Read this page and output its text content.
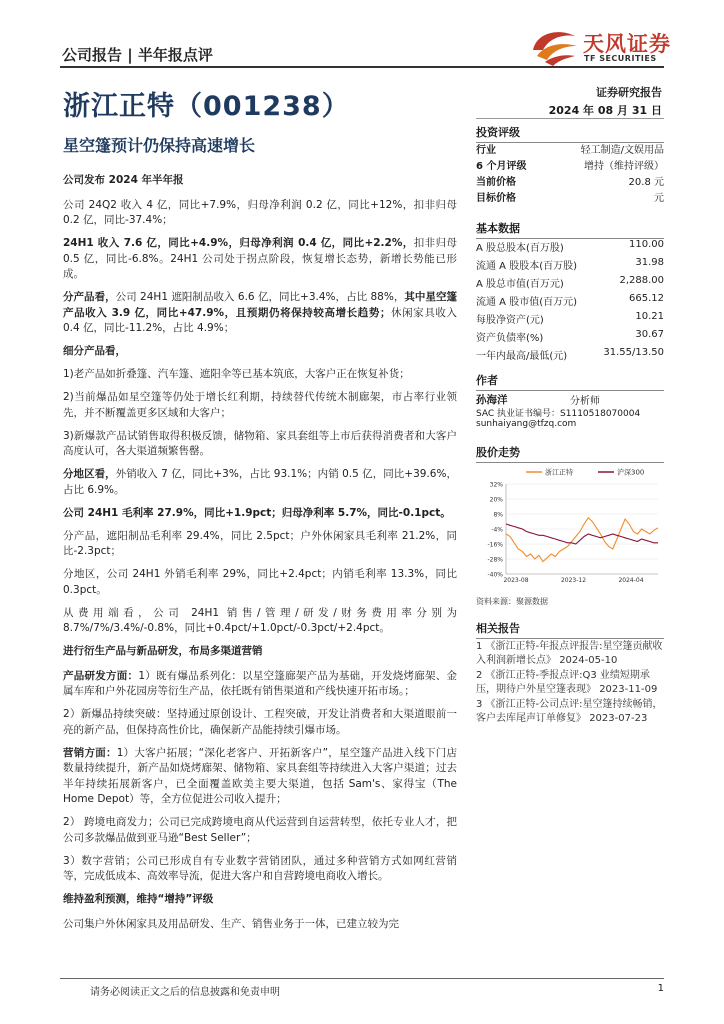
公司报告 | 半年报点评	天风证券
TF SECURITIES
浙江正特（001238）	证券研究报告
2024 年 08 月 31 日
星空篷预计仍保持高速增长
公司发布 2024 年半年报

公司 24Q2 收入 4 亿，同比+7.9%，归母净利润 0.2 亿，同比+12%，扣非归母 0.2 亿，同比-37.4%；

24H1 收入 7.6 亿，同比+4.9%，归母净利润 0.4 亿，同比+2.2%，扣非归母 0.5 亿，同比-6.8%。24H1 公司处于拐点阶段，恢复增长态势，新增长势能已形成。

分产品看，公司 24H1 遮阳制品收入 6.6 亿，同比+3.4%，占比 88%，其中星空篷产品收入 3.9 亿，同比+47.9%，且预期仍将保持较高增长趋势；休闲家具收入 0.4 亿，同比-11.2%，占比 4.9%；

细分产品看，

1)老产品如折叠篷、汽车篷、遮阳伞等已基本筑底，大客户正在恢复补货；

2)当前爆品如星空篷等仍处于增长红利期，持续替代传统木制廊架，市占率行业领先，并不断覆盖更多区域和大客户；

3)新爆款产品试销售取得积极反馈，储物箱、家具套组等上市后获得消费者和大客户高度认可，各大渠道频繁售罄。

分地区看，外销收入 7 亿，同比+3%，占比 93.1%；内销 0.5 亿，同比+39.6%，占比 6.9%。

公司 24H1 毛利率 27.9%，同比+1.9pct；归母净利率 5.7%，同比-0.1pct。

分产品，遮阳制品毛利率 29.4%，同比 2.5pct；户外休闲家具毛利率 21.2%，同比-2.3pct；

分地区，公司 24H1 外销毛利率 29%，同比+2.4pct；内销毛利率 13.3%，同比 0.3pct。

从费用端看，公司 24H1 销售/管理/研发/财务费用率分别为 8.7%/7%/3.4%/-0.8%，同比+0.4pct/+1.0pct/-0.3pct/+2.4pct。

进行衍生产品与新品研发，布局多渠道营销

产品研发方面：1）既有爆品系列化：以星空篷廊架产品为基础，开发烧烤廊架、金属车库和户外花园房等衍生产品，依托既有销售渠道和产线快速开拓市场。；

2）新爆品持续突破：坚持通过原创设计、工程突破，开发让消费者和大渠道眼前一亮的新产品，但保持高性价比，确保新产品能持续引爆市场。

营销方面：1）大客户拓展；“深化老客户、开拓新客户”，星空篷产品进入线下门店数量持续提升，新产品如烧烤廊架、储物箱、家具套组等持续进入大客户渠道；过去半年持续拓展新客户，已全面覆盖欧美主要大渠道，包括 Sam's、家得宝（The Home Depot）等，全方位促进公司收入提升；

2） 跨境电商发力；公司已完成跨境电商从代运营到自运营转型，依托专业人才，把公司多款爆品做到亚马逊“Best Seller”；

3）数字营销；公司已形成自有专业数字营销团队，通过多种营销方式如网红营销等，完成低成本、高效率导流，促进大客户和自营跨境电商收入增长。

维持盈利预测，维持“增持”评级

公司集户外休闲家具及用品研发、生产、销售业务于一体，已建立较为完

投资评级
行业	轻工制造/文娱用品
6 个月评级	增持（维持评级）
当前价格	20.8 元
目标价格	元
基本数据
A 股总股本(百万股)	110.00
流通 A 股股本(百万股)	31.98
A 股总市值(百万元)	2,288.00
流通 A 股市值(百万元)	665.12
每股净资产(元)	10.21
资产负债率(%)	30.67
一年内最高/最低(元)	31.55/13.50
作者
孙海洋	分析师
SAC 执业证书编号：S1110518070004
sunhaiyang@tfzq.com
股价走势
32%
20%
8%
-4%
-16%
-28%
-40%
2023-08	2023-12	2024-04
浙江正特	沪深300
资料来源：聚源数据
相关报告
1 《浙江正特-年报点评报告:星空篷贡献收入利润新增长点》 2024-05-10
2 《浙江正特-季报点评:Q3 业绩短期承压，期待户外星空篷表现》 2023-11-09
3 《浙江正特-公司点评:星空篷持续畅销，客户去库尾声订单修复》 2023-07-23
请务必阅读正文之后的信息披露和免责申明	1
